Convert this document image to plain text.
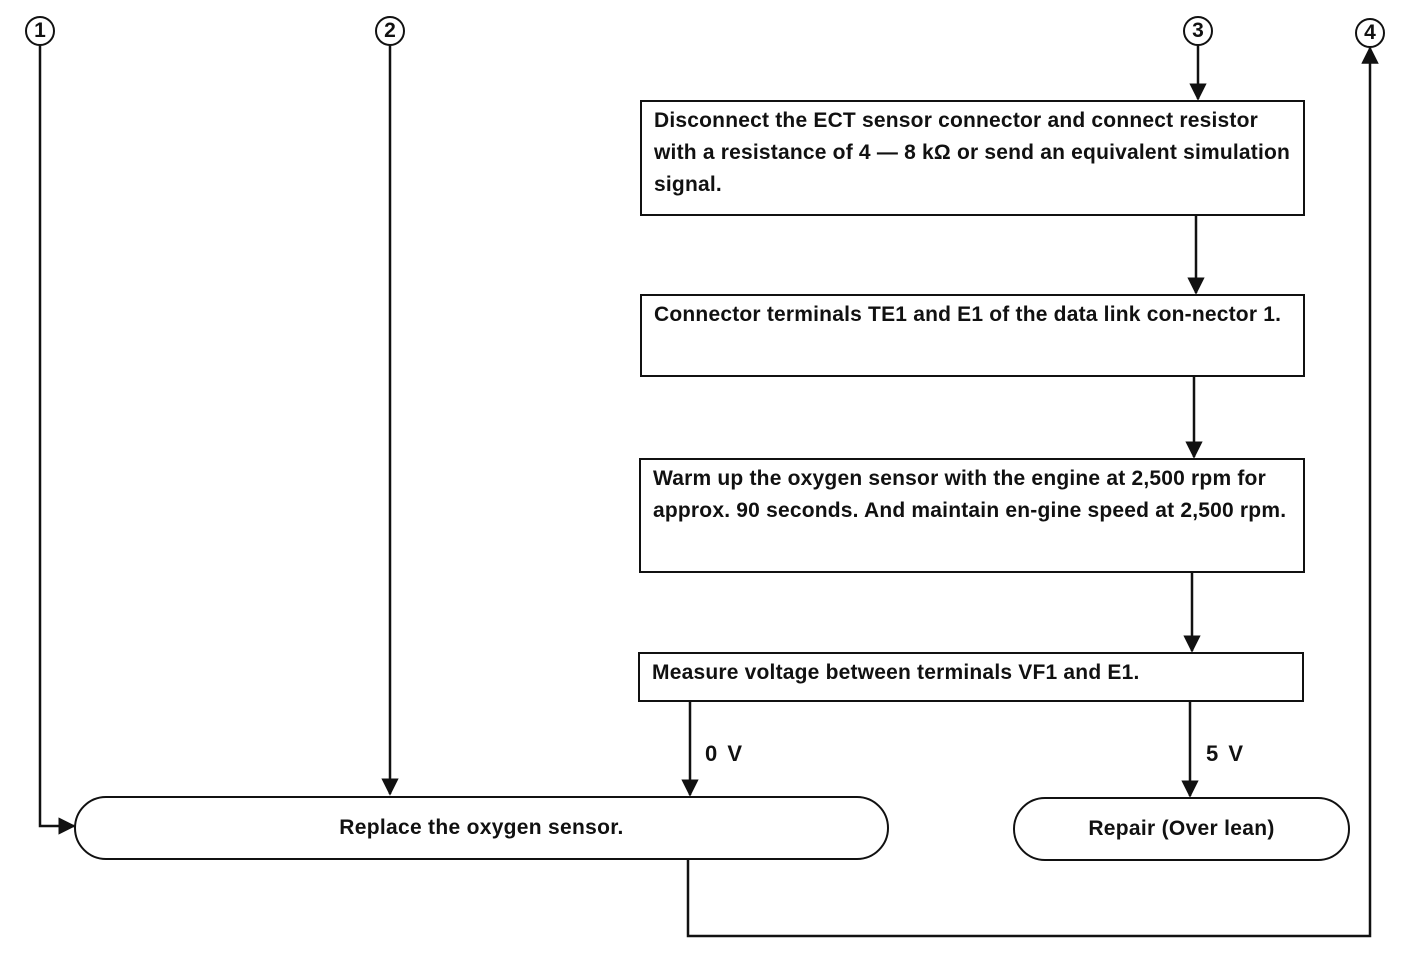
1	2	3	4
Disconnect the ECT sensor connector and connect resistor with a resistance of 4 — 8 kΩ or send an equivalent simulation signal.
Connector terminals TE1 and E1 of the data link con-nector 1.
Warm up the oxygen sensor with the engine at 2,500 rpm for approx. 90 seconds. And maintain en-gine speed at 2,500 rpm.
Measure voltage between terminals VF1 and E1.
0 V	5 V
Replace the oxygen sensor.	Repair (Over lean)
